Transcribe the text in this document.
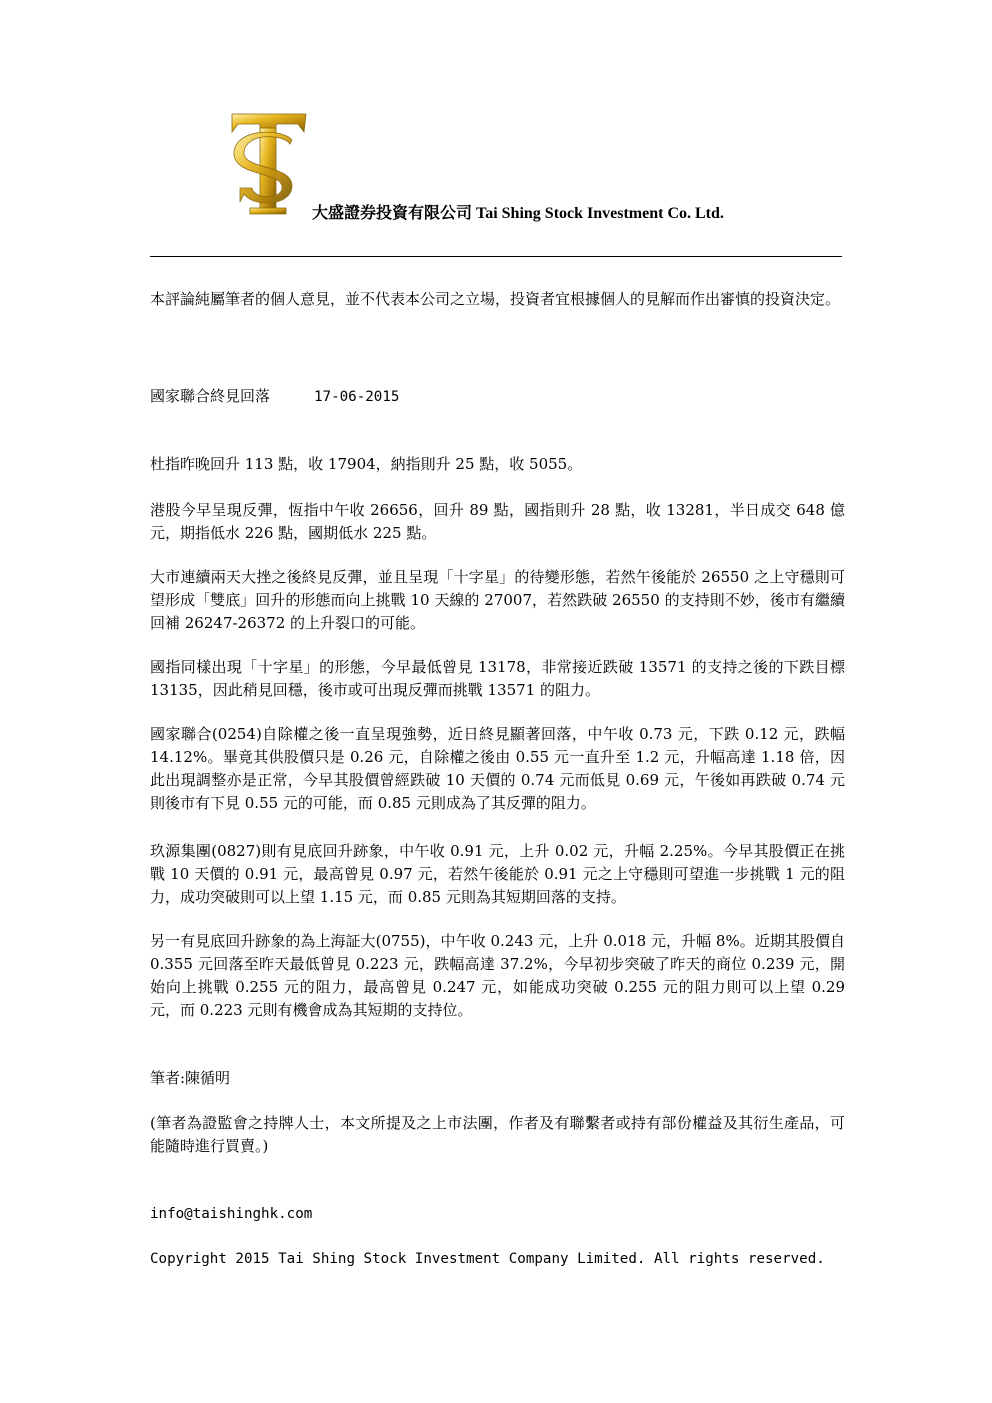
大盛證券投資有限公司 Tai Shing Stock Investment Co. Ltd.
本評論純屬筆者的個人意見，並不代表本公司之立場，投資者宜根據個人的見解而作出審慎的投資決定。
國家聯合終見回落	17-06-2015
杜指昨晚回升 113 點，收 17904，納指則升 25 點，收 5055。
港股今早呈現反彈，恆指中午收 26656，回升 89 點，國指則升 28 點，收 13281，半日成交 648 億元，期指低水 226 點，國期低水 225 點。
大市連續兩天大挫之後終見反彈，並且呈現「十字星」的待變形態，若然午後能於 26550 之上守穩則可望形成「雙底」回升的形態而向上挑戰 10 天線的 27007，若然跌破 26550 的支持則不妙，後市有繼續回補 26247-26372 的上升裂口的可能。
國指同樣出現「十字星」的形態，今早最低曾見 13178，非常接近跌破 13571 的支持之後的下跌目標 13135，因此稍見回穩，後市或可出現反彈而挑戰 13571 的阻力。
國家聯合(0254)自除權之後一直呈現強勢，近日終見顯著回落，中午收 0.73 元，下跌 0.12 元，跌幅 14.12%。畢竟其供股價只是 0.26 元，自除權之後由 0.55 元一直升至 1.2 元，升幅高達 1.18 倍，因此出現調整亦是正常，今早其股價曾經跌破 10 天價的 0.74 元而低見 0.69 元，午後如再跌破 0.74 元則後市有下見 0.55 元的可能，而 0.85 元則成為了其反彈的阻力。
玖源集團(0827)則有見底回升跡象，中午收 0.91 元，上升 0.02 元，升幅 2.25%。今早其股價正在挑戰 10 天價的 0.91 元，最高曾見 0.97 元，若然午後能於 0.91 元之上守穩則可望進一步挑戰 1 元的阻力，成功突破則可以上望 1.15 元，而 0.85 元則為其短期回落的支持。
另一有見底回升跡象的為上海証大(0755)，中午收 0.243 元，上升 0.018 元，升幅 8%。近期其股價自 0.355 元回落至昨天最低曾見 0.223 元，跌幅高達 37.2%，今早初步突破了昨天的商位 0.239 元，開始向上挑戰 0.255 元的阻力，最高曾見 0.247 元，如能成功突破 0.255 元的阻力則可以上望 0.29 元，而 0.223 元則有機會成為其短期的支持位。
筆者:陳循明
(筆者為證監會之持牌人士，本文所提及之上市法團，作者及有聯繫者或持有部份權益及其衍生產品，可能隨時進行買賣。)
info@taishinghk.com
Copyright 2015 Tai Shing Stock Investment Company Limited. All rights reserved.
